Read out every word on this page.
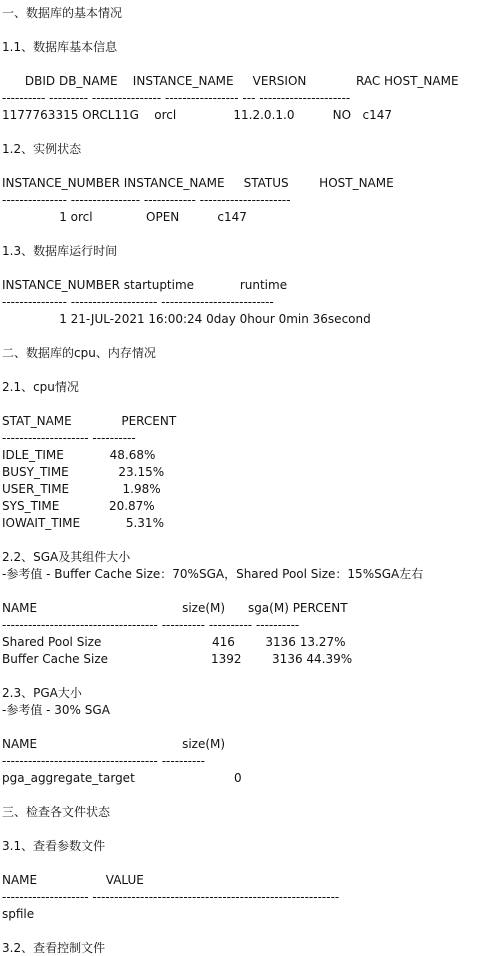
一、数据库的基本情况
1.1、数据库基本信息
DBID DB_NAME    INSTANCE_NAME     VERSION             RAC HOST_NAME
---------- --------- ---------------- ----------------- --- ---------------------
1177763315 ORCL11G    orcl               11.2.0.1.0          NO   c147
1.2、实例状态
INSTANCE_NUMBER INSTANCE_NAME     STATUS        HOST_NAME
--------------- ---------------- ------------ ---------------------
1 orcl              OPEN          c147
1.3、数据库运行时间
INSTANCE_NUMBER startuptime            runtime
--------------- -------------------- --------------------------
1 21-JUL-2021 16:00:24 0day 0hour 0min 36second
二、数据库的cpu、内存情况
2.1、cpu情况
STAT_NAME             PERCENT
-------------------- ----------
IDLE_TIME            48.68%
BUSY_TIME             23.15%
USER_TIME              1.98%
SYS_TIME             20.87%
IOWAIT_TIME            5.31%
2.2、SGA及其组件大小
-参考值 - Buffer Cache Size：70%SGA，Shared Pool Size：15%SGA左右
NAME                                      size(M)      sga(M) PERCENT
------------------------------------ ---------- ---------- ----------
Shared Pool Size                             416        3136 13.27%
Buffer Cache Size                           1392        3136 44.39%
2.3、PGA大小
-参考值 - 30% SGA
NAME                                      size(M)
------------------------------------ ----------
pga_aggregate_target                          0
三、检查各文件状态
3.1、查看参数文件
NAME                  VALUE
-------------------- ---------------------------------------------------------
spfile
3.2、查看控制文件
